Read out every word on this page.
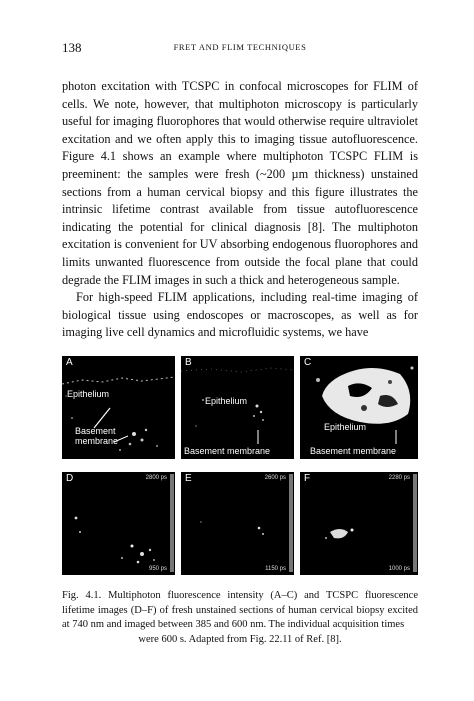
138	FRET AND FLIM TECHNIQUES

photon excitation with TCSPC in confocal microscopes for FLIM of cells. We note, however, that multiphoton microscopy is particularly useful for imaging fluorophores that would otherwise require ultraviolet excitation and we often apply this to imaging tissue autofluorescence. Figure 4.1 shows an example where multiphoton TCSPC FLIM is preeminent: the samples were fresh (~200 µm thickness) unstained sections from a human cervical biopsy and this figure illustrates the intrinsic lifetime contrast available from tissue autofluorescence indicating the potential for clinical diagnosis [8]. The multiphoton excitation is convenient for UV absorbing endogenous fluorophores and limits unwanted fluorescence from outside the focal plane that could degrade the FLIM images in such a thick and heterogeneous sample.

For high-speed FLIM applications, including real-time imaging of biological tissue using endoscopes or macroscopes, as well as for imaging live cell dynamics and microfluidic systems, we have

A
Epithelium
Basement
membrane
B
Epithelium
Basement membrane
C
Epithelium
Basement membrane
D	2800 ps
950 ps
E	2600 ps
1150 ps
F	2280 ps
1000 ps
Fig. 4.1. Multiphoton fluorescence intensity (A–C) and TCSPC fluorescence lifetime images (D–F) of fresh unstained sections of human cervical biopsy excited at 740 nm and imaged between 385 and 600 nm. The individual acquisition times
were 600 s. Adapted from Fig. 22.11 of Ref. [8].
